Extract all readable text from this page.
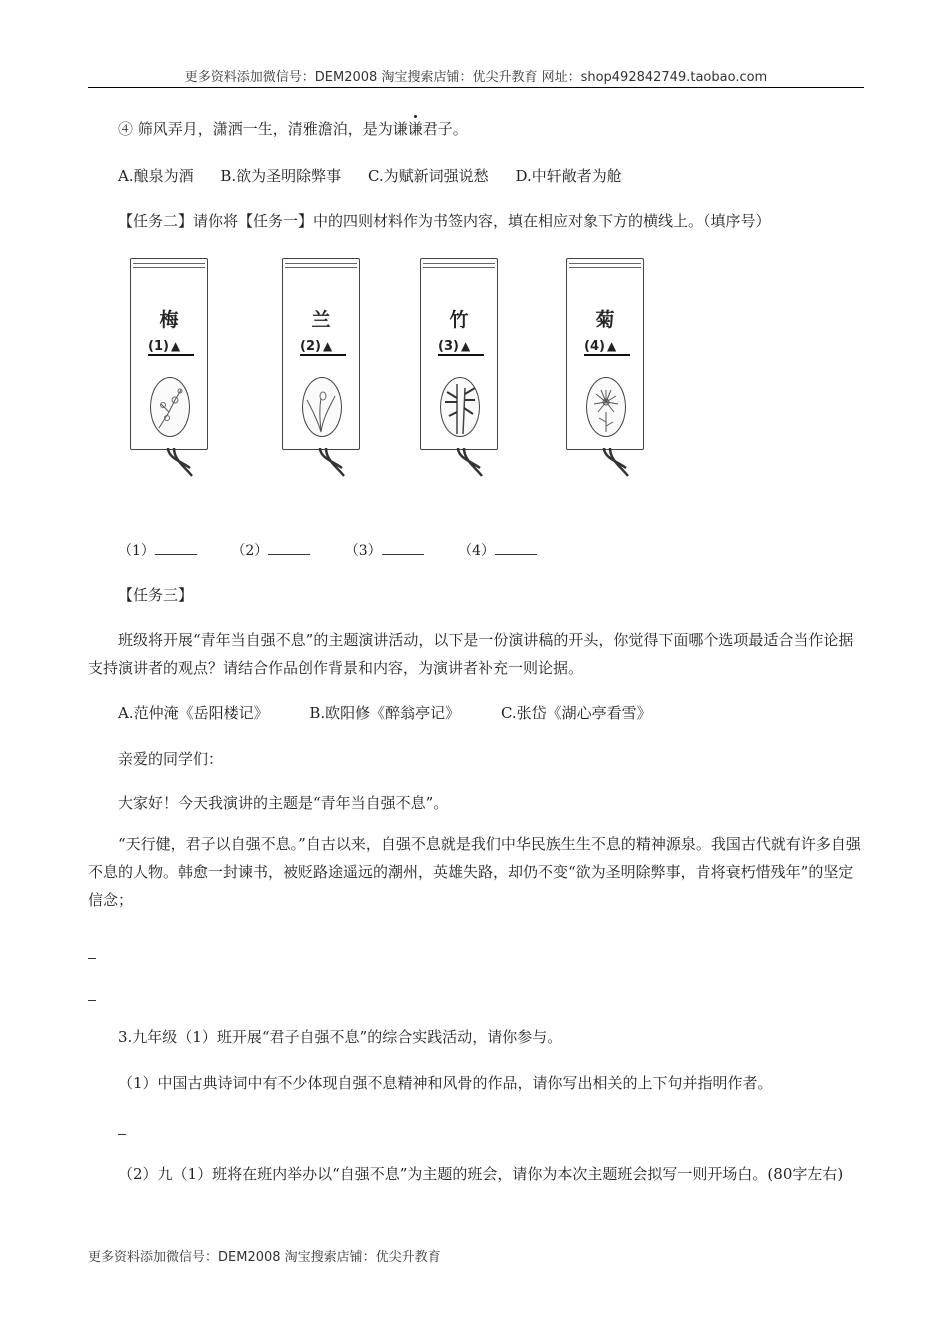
更多资料添加微信号：DEM2008 淘宝搜索店铺：优尖升教育 网址：shop492842749.taobao.com
④ 筛风弄月，潇洒一生，清雅澹泊，是为谦谦君子。
A.酿泉为酒 B.欲为圣明除弊事 C.为赋新词强说愁 D.中轩敞者为舱
【任务二】请你将【任务一】中的四则材料作为书签内容，填在相应对象下方的横线上。（填序号）
梅
(1) ▲
兰
(2) ▲
竹
(3) ▲
菊
(4) ▲
（1）	（2）	（3）	（4）
【任务三】
班级将开展“青年当自强不息”的主题演讲活动，以下是一份演讲稿的开头，你觉得下面哪个选项最适合当作论据支持演讲者的观点？请结合作品创作背景和内容，为演讲者补充一则论据。
A.范仲淹《岳阳楼记》	B.欧阳修《醉翁亭记》	C.张岱《湖心亭看雪》
亲爱的同学们：
大家好！今天我演讲的主题是“青年当自强不息”。
“天行健，君子以自强不息。”自古以来，自强不息就是我们中华民族生生不息的精神源泉。我国古代就有许多自强不息的人物。韩愈一封谏书，被贬路途遥远的潮州，英雄失路，却仍不变“欲为圣明除弊事，肯将衰朽惜残年”的坚定信念；
3.九年级（1）班开展“君子自强不息”的综合实践活动，请你参与。
（1）中国古典诗词中有不少体现自强不息精神和风骨的作品，请你写出相关的上下句并指明作者。
（2）九（1）班将在班内举办以“自强不息”为主题的班会，请你为本次主题班会拟写一则开场白。(80字左右)
更多资料添加微信号：DEM2008 淘宝搜索店铺：优尖升教育
